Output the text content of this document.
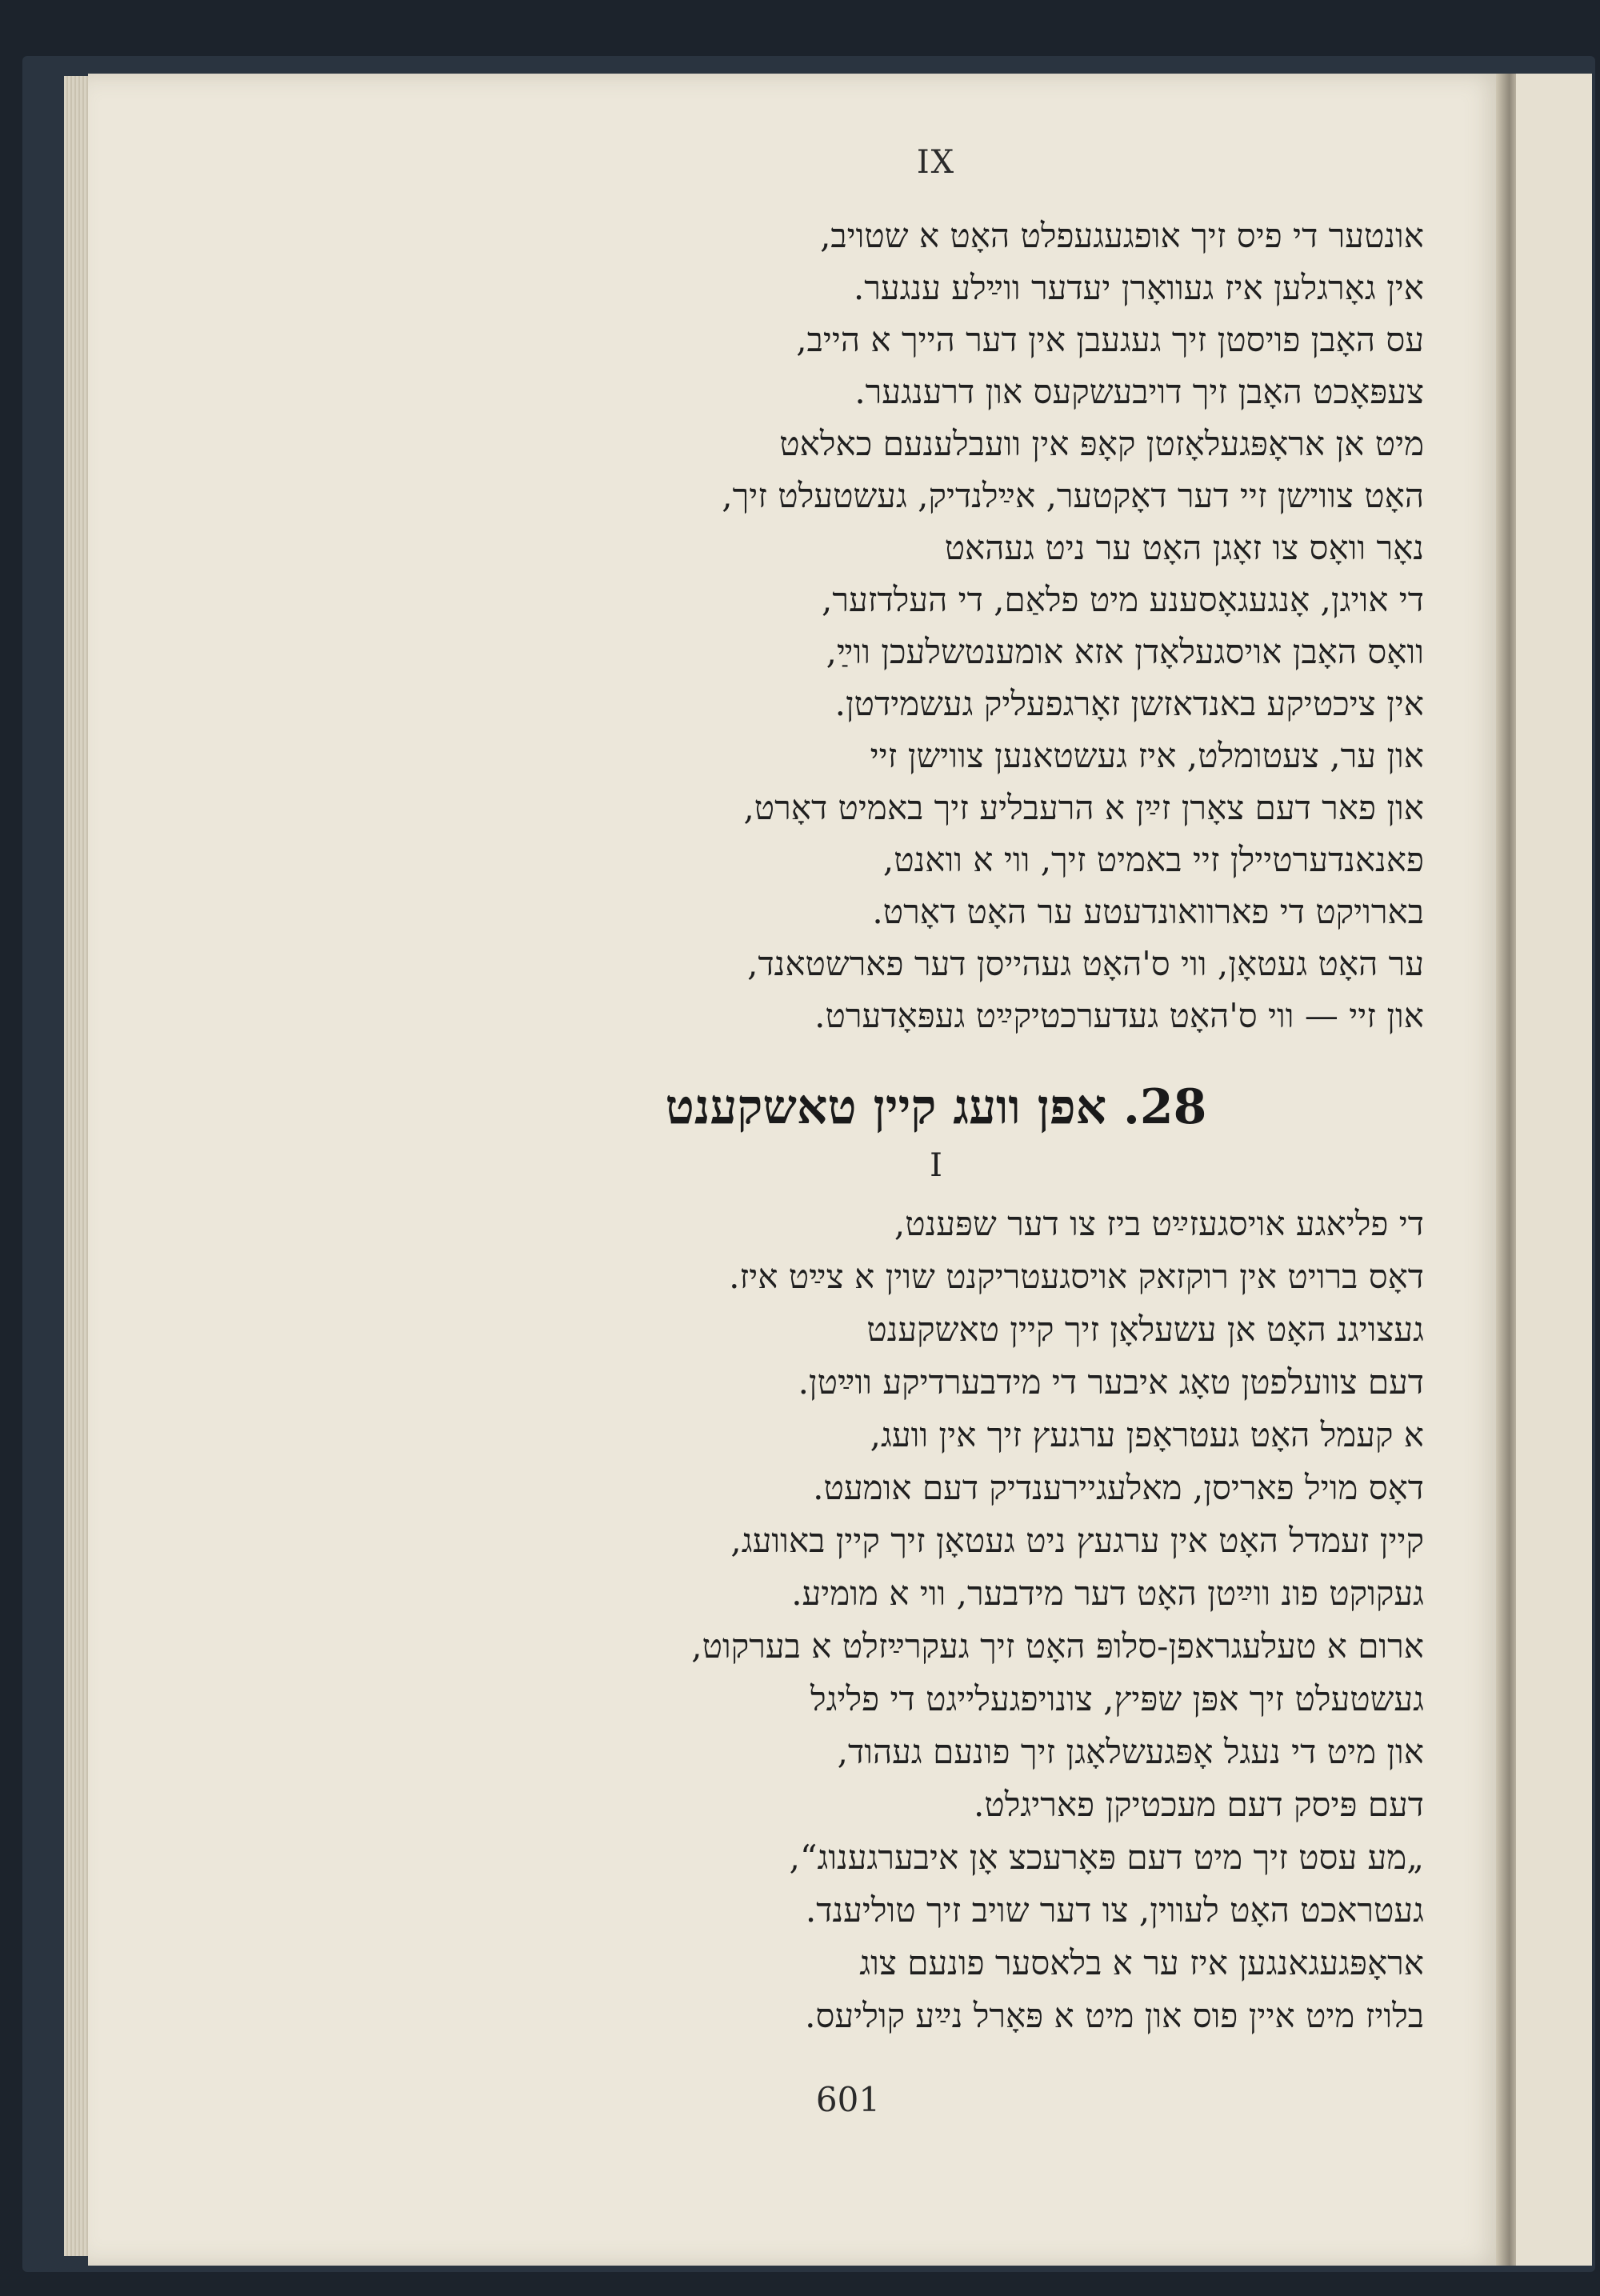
IX
אונטער די פיס זיך אופגעגעפלט האָט א שטויב,
אין גאָרגלען איז געוואָרן יעדער ווײַלע ענגער.
עס האָבן פויסטן זיך געגעבן אין דער הייך א הייב,
צעפּאָכט האָבן זיך דויבעשקעס און דרענגער.
מיט אן אראָפּגעלאָזטן קאָפּ אין וועבלענעם כאלאט
האָט צווישן זיי דער דאָקטער, אײַלנדיק, געשטעלט זיך,
נאָר וואָס צו זאָגן האָט ער ניט געהאט
די אויגן, אָנגעגאָסענע מיט פלאַם, די העלדזער,
וואָס האָבן אויסגעלאָדן אזא אומענטשלעכן ווײַ,
אין ציכטיקע באנדאזשן זאָרגפעליק געשמידטן.
און ער, צעטומלט, איז געשטאנען צווישן זיי
און פאר דעם צאָרן זײַן א הרעבליע זיך באמיט דאָרט,
פאנאנדערטיילן זיי באמיט זיך, ווי א וואנט,
בארויקט די פארוואונדעטע ער האָט דאָרט.
ער האָט געטאָן, ווי ס'האָט געהייסן דער פארשטאנד,
און זיי — ווי ס'האָט געדערכטיקײַט געפּאָדערט.
28. אפן וועג קיין טאשקענט
I
די פליאגע אויסגעזײַט ביז צו דער שפּענט,
דאָס ברויט אין רוקזאק אויסגעטריקנט שוין א צײַט איז.
געצויגנ האָט אן עשעלאָן זיך קיין טאשקענט
דעם צוועלפטן טאָג איבער די מידבערדיקע ווײַטן.
א קעמל האָט געטראָפן ערגעץ זיך אין וועג,
דאָס מויל פאריסן, מאלעגיירענדיק דעם אומעט.
קיין זעמדל האָט אין ערגעץ ניט געטאָן זיך קיין באוועג,
געקוקט פונ ווײַטן האָט דער מידבער, ווי א מומיע.
ארום א טעלעגראפן-סלופּ האָט זיך געקרײַזלט א בערקוט,
געשטעלט זיך אפּן שפּיץ, צונויפגעלייגט די פליגל
און מיט די נעגל אָפּגעשלאָגן זיך פונעם געהוד,
דעם פּיסק דעם מעכטיקן פאריגלט.
„מע עסט זיך מיט דעם פּאָרעכצ אָן איבערגענוג“,
געטראכט האָט לעווין, צו דער שויב זיך טוליענד.
אראָפּגעגאנגען איז ער א בלאסער פונעם צוג
בלויז מיט איין פוס און מיט א פּאָרל נײַע קוליעס.
601
